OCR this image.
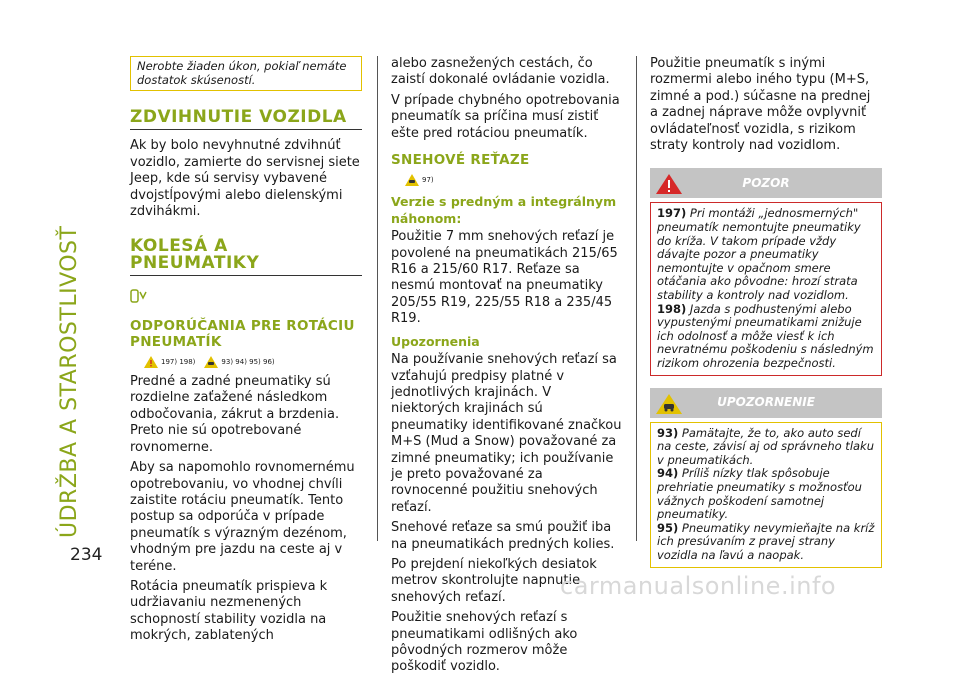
ÚDRŽBA A STAROSTLIVOSŤ
234
Nerobte žiaden úkon, pokiaľ nemáte dostatok skúseností.
ZDVIHNUTIE VOZIDLA

Ak by bolo nevyhnutné zdvihnúť vozidlo, zamierte do servisnej siete Jeep, kde sú servisy vybavené dvojstĺpovými alebo dielenskými zdvihákmi.

KOLESÁ A PNEUMATIKY
ODPORÚČANIA PRE ROTÁCIU PNEUMATÍK
197) 198)	93) 94) 95) 96)

Predné a zadné pneumatiky sú rozdielne zaťažené následkom odbočovania, zákrut a brzdenia. Preto nie sú opotrebované rovnomerne.

Aby sa napomohlo rovnomernému opotrebovaniu, vo vhodnej chvíli zaistite rotáciu pneumatík. Tento postup sa odporúča v prípade pneumatík s výrazným dezénom, vhodným pre jazdu na ceste aj v teréne.

Rotácia pneumatík prispieva k udržiavaniu nezmenených schopností stability vozidla na mokrých, zablatených

alebo zasnežených cestách, čo zaistí dokonalé ovládanie vozidla.

V prípade chybného opotrebovania pneumatík sa príčina musí zistiť ešte pred rotáciou pneumatík.

SNEHOVÉ REŤAZE
97)
Verzie s predným a integrálnym náhonom:

Použitie 7 mm snehových reťazí je povolené na pneumatikách 215/65 R16 a 215/60 R17. Reťaze sa nesmú montovať na pneumatiky 205/55 R19, 225/55 R18 a 235/45 R19.

Upozornenia

Na používanie snehových reťazí sa vzťahujú predpisy platné v jednotlivých krajinách. V niektorých krajinách sú pneumatiky identifikované značkou M+S (Mud a Snow) považované za zimné pneumatiky; ich používanie je preto považované za rovnocenné použitiu snehových reťazí.

Snehové reťaze sa smú použiť iba na pneumatikách predných kolies.

Po prejdení niekoľkých desiatok metrov skontrolujte napnutie snehových reťazí.

Použitie snehových reťazí s pneumatikami odlišných ako pôvodných rozmerov môže poškodiť vozidlo.

Použitie pneumatík s inými rozmermi alebo iného typu (M+S, zimné a pod.) súčasne na prednej a zadnej náprave môže ovplyvniť ovládateľnosť vozidla, s rizikom straty kontroly nad vozidlom.

POZOR
197) Pri montáži „jednosmerných" pneumatík nemontujte pneumatiky do kríža. V takom prípade vždy dávajte pozor a pneumatiky nemontujte v opačnom smere otáčania ako pôvodne: hrozí strata stability a kontroly nad vozidlom.
198) Jazda s podhustenými alebo vypustenými pneumatikami znižuje ich odolnosť a môže viesť k ich nevratnému poškodeniu s následným rizikom ohrozenia bezpečnosti.
UPOZORNENIE
93) Pamätajte, že to, ako auto sedí na ceste, závisí aj od správneho tlaku v pneumatikách.
94) Príliš nízky tlak spôsobuje prehriatie pneumatiky s možnosťou vážnych poškodení samotnej pneumatiky.
95) Pneumatiky nevymieňajte na kríž ich presúvaním z pravej strany vozidla na ľavú a naopak.
carmanualsonline.info
